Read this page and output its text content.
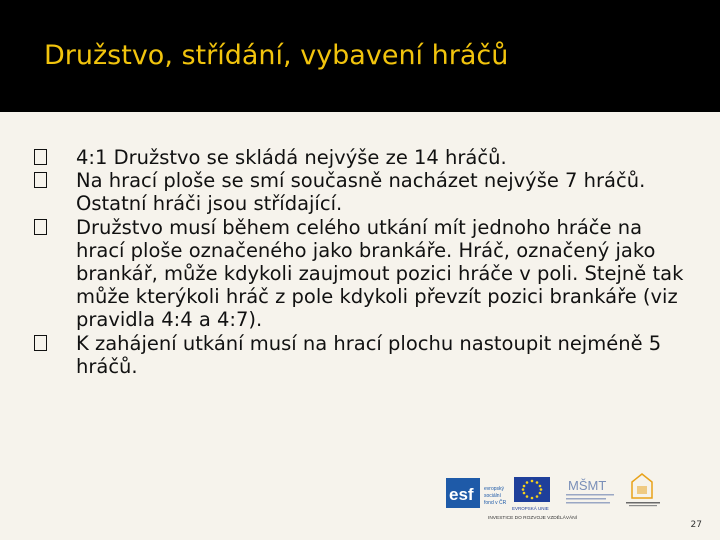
Družstvo, střídání, vybavení hráčů

4:1 Družstvo se skládá nejvýše ze 14 hráčů.

Na hrací ploše se smí současně nacházet nejvýše 7 hráčů. Ostatní hráči jsou střídající.

Družstvo musí během celého utkání mít jednoho hráče na hrací ploše označeného jako brankáře. Hráč, označený jako brankář, může kdykoli zaujmout pozici hráče v poli. Stejně tak může kterýkoli hráč z pole kdykoli převzít pozici brankáře (viz pravidla 4:4 a 4:7).

K zahájení utkání musí na hrací plochu nastoupit nejméně 5 hráčů.

esf evropský
sociální
fond v ČR
EVROPSKÁ UNIE
MŠMT
INVESTICE DO ROZVOJE VZDĚLÁVÁNÍ
27
